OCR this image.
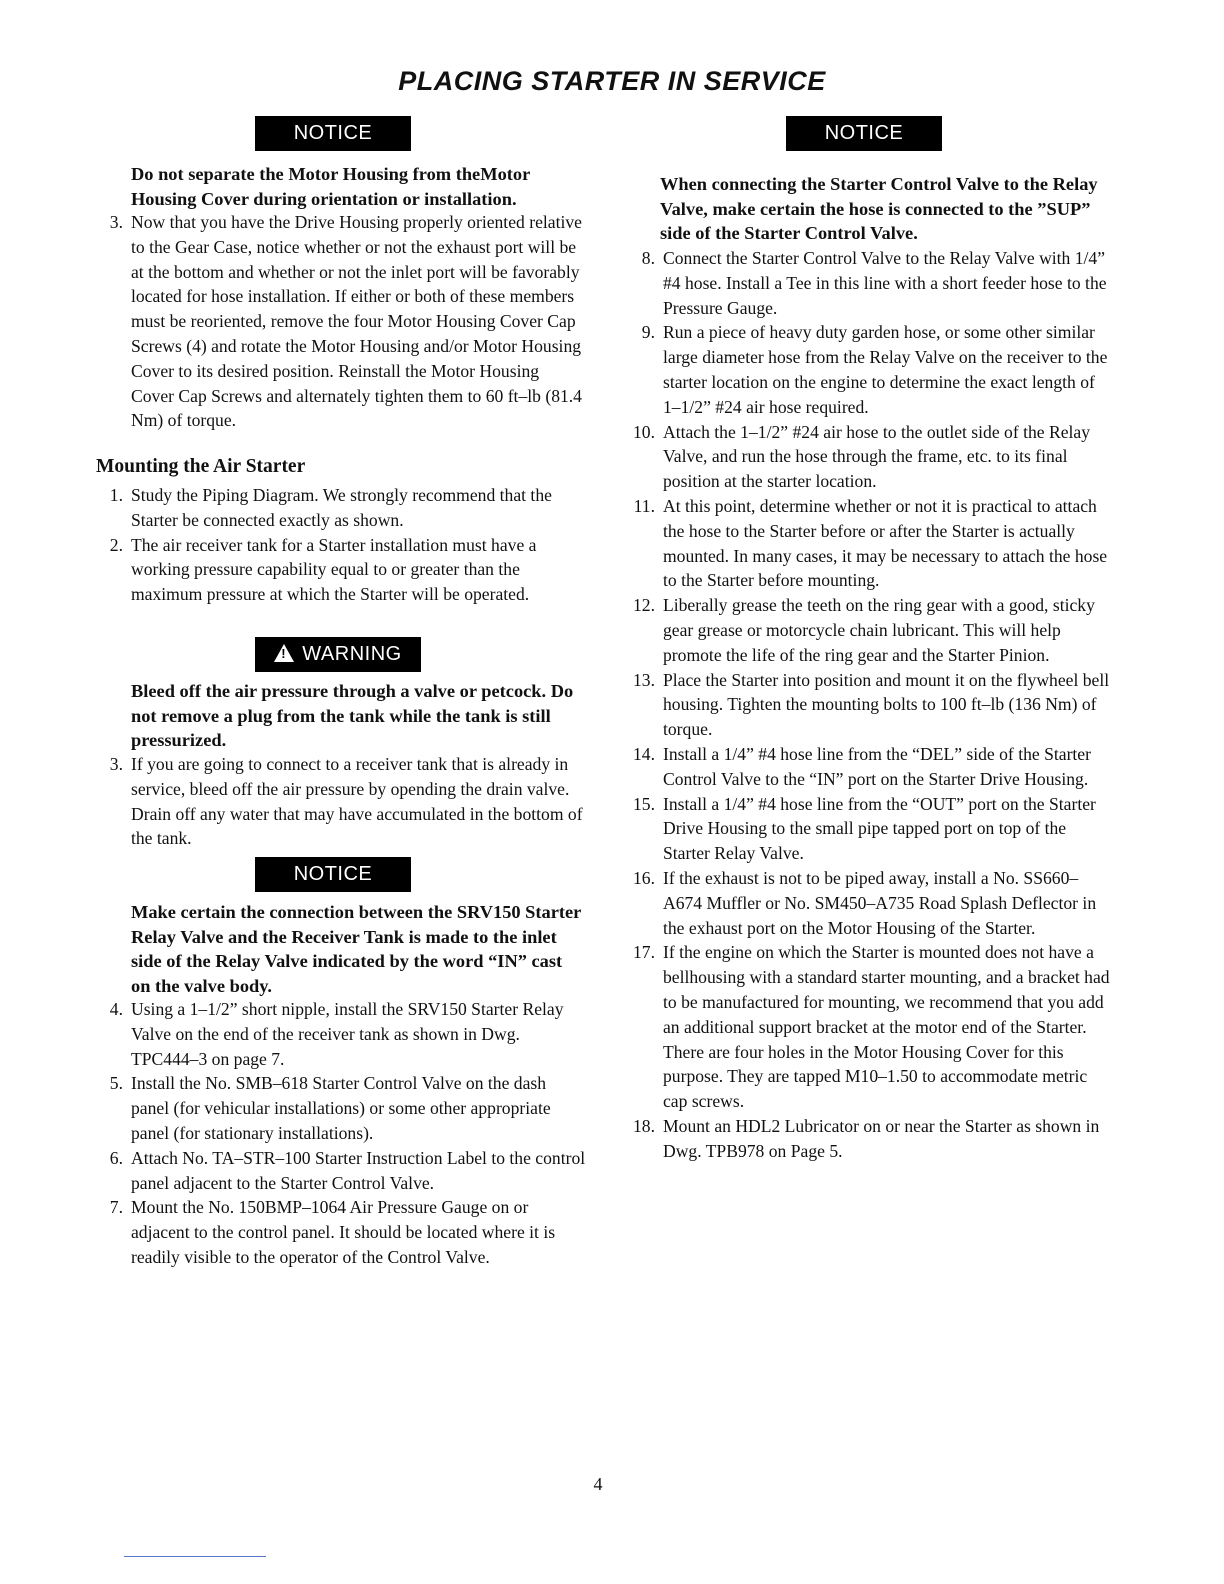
PLACING STARTER IN SERVICE
NOTICE
Do not separate the Motor Housing from theMotor Housing Cover during orientation or installation.
3. Now that you have the Drive Housing properly oriented relative to the Gear Case, notice whether or not the exhaust port will be at the bottom and whether or not the inlet port will be favorably located for hose installation. If either or both of these members must be reoriented, remove the four Motor Housing Cover Cap Screws (4) and rotate the Motor Housing and/or Motor Housing Cover to its desired position. Reinstall the Motor Housing Cover Cap Screws and alternately tighten them to 60 ft–lb (81.4 Nm) of torque.
Mounting the Air Starter
1. Study the Piping Diagram. We strongly recommend that the Starter be connected exactly as shown.
2. The air receiver tank for a Starter installation must have a working pressure capability equal to or greater than the maximum pressure at which the Starter will be operated.
!WARNING
Bleed off the air pressure through a valve or petcock. Do not remove a plug from the tank while the tank is still pressurized.
3. If you are going to connect to a receiver tank that is already in service, bleed off the air pressure by opending the drain valve. Drain off any water that may have accumulated in the bottom of the tank.
NOTICE
Make certain the connection between the SRV150 Starter Relay Valve and the Receiver Tank is made to the inlet side of the Relay Valve indicated by the word “IN” cast on the valve body.
4. Using a 1–1/2” short nipple, install the SRV150 Starter Relay Valve on the end of the receiver tank as shown in Dwg. TPC444–3 on page 7.
5. Install the No. SMB–618 Starter Control Valve on the dash panel (for vehicular installations) or some other appropriate panel (for stationary installations).
6. Attach No. TA–STR–100 Starter Instruction Label to the control panel adjacent to the Starter Control Valve.
7. Mount the No. 150BMP–1064 Air Pressure Gauge on or adjacent to the control panel. It should be located where it is readily visible to the operator of the Control Valve.
NOTICE
When connecting the Starter Control Valve to the Relay Valve, make certain the hose is connected to the ”SUP” side of the Starter Control Valve.
8. Connect the Starter Control Valve to the Relay Valve with 1/4” #4 hose. Install a Tee in this line with a short feeder hose to the Pressure Gauge.
9. Run a piece of heavy duty garden hose, or some other similar large diameter hose from the Relay Valve on the receiver to the starter location on the engine to determine the exact length of 1–1/2” #24 air hose required.
10. Attach the 1–1/2” #24 air hose to the outlet side of the Relay Valve, and run the hose through the frame, etc. to its final position at the starter location.
11. At this point, determine whether or not it is practical to attach the hose to the Starter before or after the Starter is actually mounted. In many cases, it may be necessary to attach the hose to the Starter before mounting.
12. Liberally grease the teeth on the ring gear with a good, sticky gear grease or motorcycle chain lubricant. This will help promote the life of the ring gear and the Starter Pinion.
13. Place the Starter into position and mount it on the flywheel bell housing. Tighten the mounting bolts to 100 ft–lb (136 Nm) of torque.
14. Install a 1/4” #4 hose line from the “DEL” side of the Starter Control Valve to the “IN” port on the Starter Drive Housing.
15. Install a 1/4” #4 hose line from the “OUT” port on the Starter Drive Housing to the small pipe tapped port on top of the Starter Relay Valve.
16. If the exhaust is not to be piped away, install a No. SS660–A674 Muffler or No. SM450–A735 Road Splash Deflector in the exhaust port on the Motor Housing of the Starter.
17. If the engine on which the Starter is mounted does not have a bellhousing with a standard starter mounting, and a bracket had to be manufactured for mounting, we recommend that you add an additional support bracket at the motor end of the Starter. There are four holes in the Motor Housing Cover for this purpose. They are tapped M10–1.50 to accommodate metric cap screws.
18. Mount an HDL2 Lubricator on or near the Starter as shown in Dwg. TPB978 on Page 5.
4
